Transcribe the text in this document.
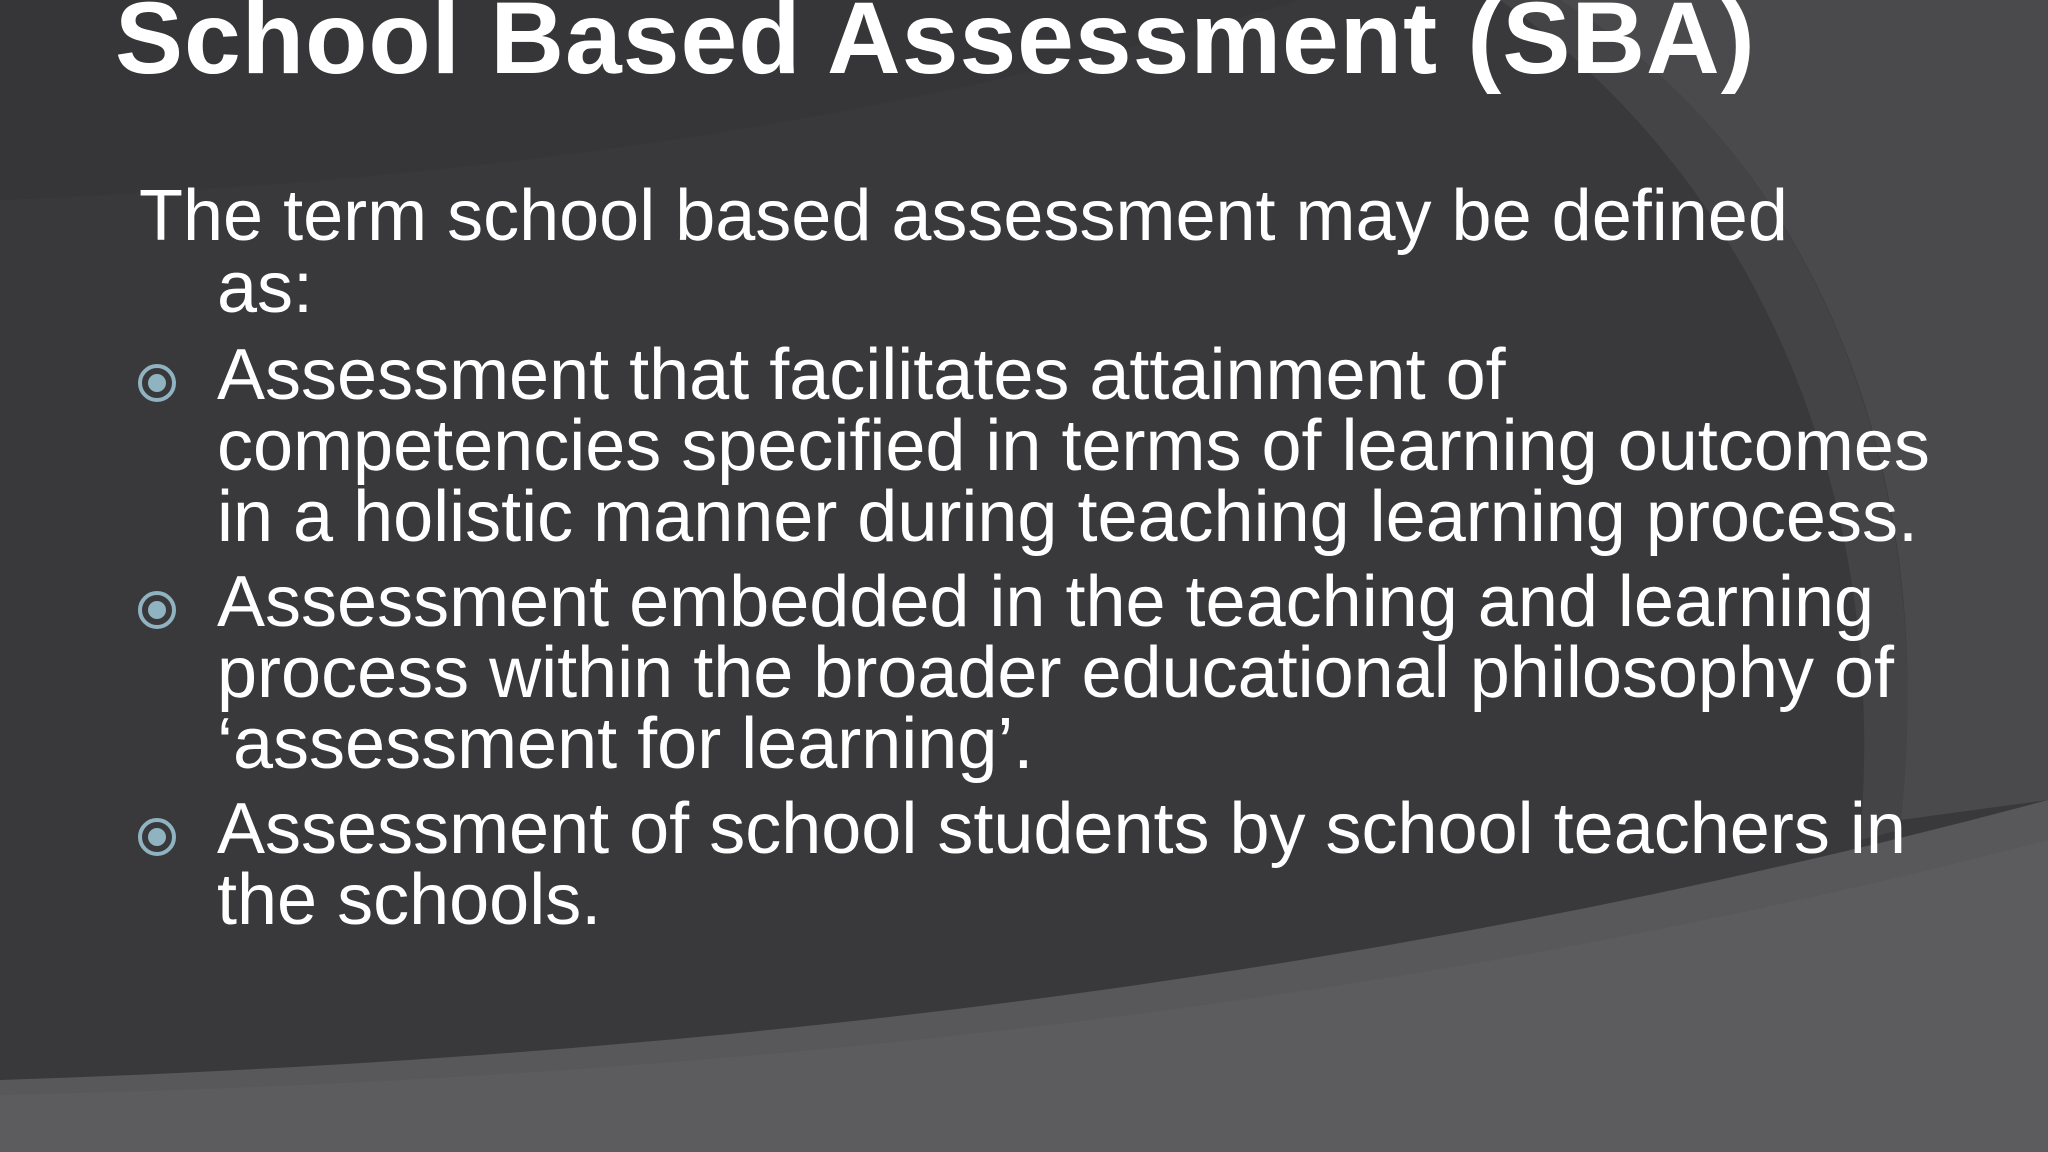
School Based Assessment (SBA)
The term school based assessment may be defined as:
Assessment that facilitates attainment of competencies specified in terms of learning outcomes in a holistic manner during teaching learning process.
Assessment embedded in the teaching and learning process within the broader educational philosophy of ‘assessment for learning’.
Assessment of school students by school teachers in the schools.
